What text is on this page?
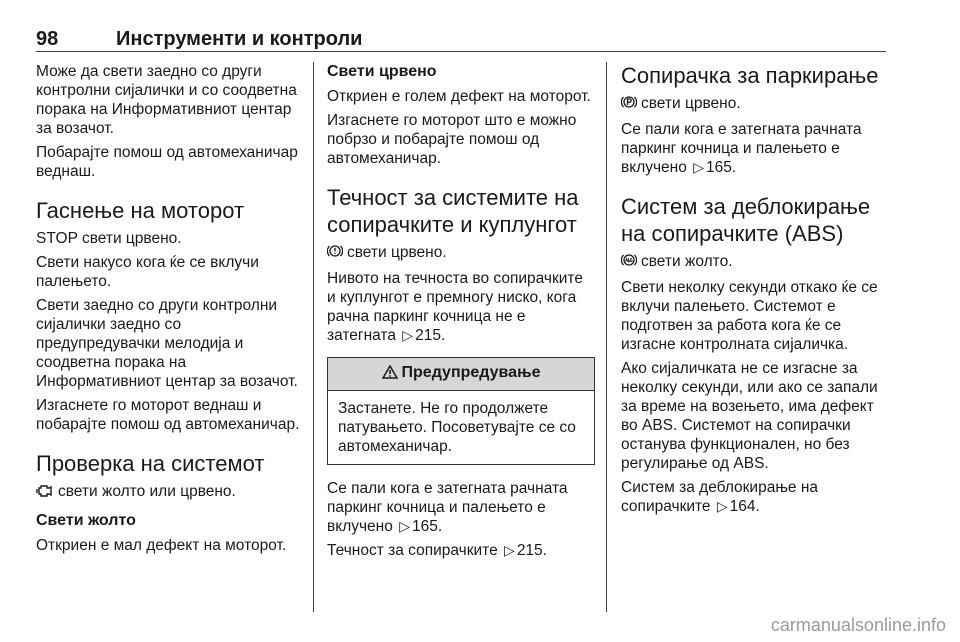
98	Инструменти и контроли

Може да свети заедно со други контролни сијалички и со соодветна порака на Информативниот центар за возачот.

Побарајте помош од автомеханичар веднаш.

Гаснење на моторот

STOP свети црвено.

Свети накусо кога ќе се вклучи палењето.

Свети заедно со други контролни сијалички заедно со предупредувачки мелодија и соодветна порака на Информативниот центар за возачот.

Изгаснете го моторот веднаш и побарајте помош од автомеханичар.

Проверка на системот

свети жолто или црвено.

Свети жолто

Откриен е мал дефект на моторот.

Свети црвено

Откриен е голем дефект на моторот.

Изгаснете го моторот што е можно побрзо и побарајте помош од автомеханичар.

Течност за системите на сопирачките и куплунгот

свети црвено.

Нивото на течноста во сопирачките и куплунгот е премногу ниско, кога рачна паркинг кочница не е затегната ▷ 215.

Предупредување

Застанете. Не го продолжете патувањето. Посоветувајте се со автомеханичар.

Се пали кога е затегната рачната паркинг кочница и палењето е вклучено ▷ 165.

Течност за сопирачките ▷ 215.

Сопирачка за паркирање

свети црвено.

Се пали кога е затегната рачната паркинг кочница и палењето е вклучено ▷ 165.

Систем за деблокирање на сопирачките (ABS)

свети жолто.

Свети неколку секунди откако ќе се вклучи палењето. Системот е подготвен за работа кога ќе се изгасне контролната сијаличка.

Ако сијаличката не се изгасне за неколку секунди, или ако се запали за време на возењето, има дефект во ABS. Системот на сопирачки останува функционален, но без регулирање од ABS.

Систем за деблокирање на сопирачките ▷ 164.

carmanualsonline.info
